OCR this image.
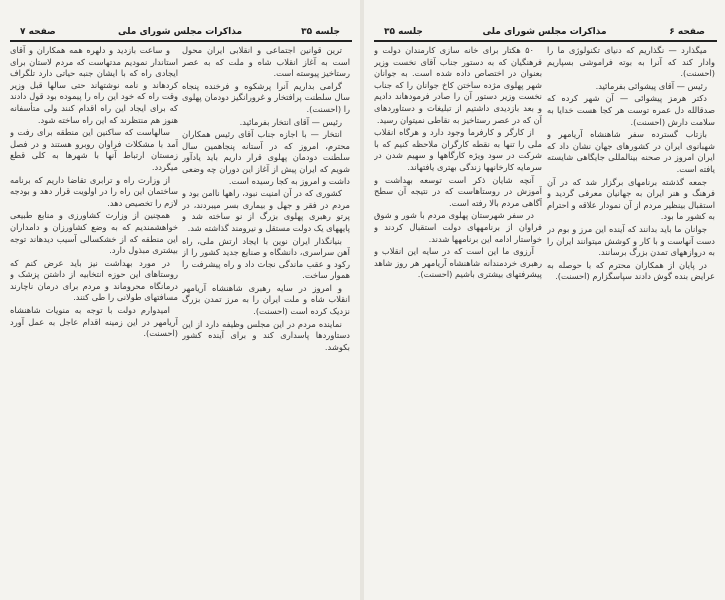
جلسه ۳۵
مذاکرات مجلس شورای ملی
صفحه ۷

ترین قوانین اجتماعی و انقلابی ایران محول است به آغاز انقلاب شاه و ملت که به عصر رستاخیز پیوسته است.

گرامی بداریم آنرا پرشکوه و فرخنده پنجاه سال سلطنت پرافتخار و غرورانگیز دودمان پهلوی را (احسنت).

رئیس — آقای انتخار بفرمائید.

انتخار — با اجازه جناب آقای رئیس همکاران محترم، امروز که در آستانه پنجاهمین سال سلطنت دودمان پهلوی قرار داریم باید یادآور شویم که ایران پیش از آغاز این دوران چه وضعی داشت و امروز به کجا رسیده است.

کشوری که در آن امنیت نبود، راهها ناامن بود و مردم در فقر و جهل و بیماری بسر میبردند، در پرتو رهبری پهلوی بزرگ از نو ساخته شد و پایههای یک دولت مستقل و نیرومند گذاشته شد.

بنیانگذار ایران نوین با ایجاد ارتش ملی، راه آهن سراسری، دانشگاه و صنایع جدید کشور را از رکود و عقب ماندگی نجات داد و راه پیشرفت را هموار ساخت.

و امروز در سایه رهبری شاهنشاه آریامهر انقلاب شاه و ملت ایران را به مرز تمدن بزرگ نزدیک کرده است (احسنت).

نماینده مردم در این مجلس وظیفه دارد از این دستاوردها پاسداری کند و برای آینده کشور بکوشد.

و ساعت بازدید و دلهره همه همکاران و آقای استاندار نمودیم مدتهاست که مردم لاستان برای ایجادی راه که با ایشان جنبه حیاتی دارد تلگراف کردهاند و نامه نوشتهاند حتی سالها قبل وزیر وقت راه که خود این راه را پیموده بود قول دادند که برای ایجاد این راه اقدام کنند ولی متأسفانه هنوز هم منتظرند که این راه ساخته شود.

سالهاست که ساکنین این منطقه برای رفت و آمد با مشکلات فراوان روبرو هستند و در فصل زمستان ارتباط آنها با شهرها به کلی قطع میگردد.

از وزارت راه و ترابری تقاضا داریم که برنامه ساختمان این راه را در اولویت قرار دهد و بودجه لازم را تخصیص دهد.

همچنین از وزارت کشاورزی و منابع طبیعی خواهشمندیم که به وضع کشاورزان و دامداران این منطقه که از خشکسالی آسیب دیدهاند توجه بیشتری مبذول دارد.

در مورد بهداشت نیز باید عرض کنم که روستاهای این حوزه انتخابیه از داشتن پزشک و درمانگاه محروماند و مردم برای درمان ناچارند مسافتهای طولانی را طی کنند.

امیدوارم دولت با توجه به منویات شاهنشاه آریامهر در این زمینه اقدام عاجل به عمل آورد (احسنت).

صفحه ۶
مذاکرات مجلس شورای ملی
جلسه ۳۵

میگذارد — نگذاریم که دنیای تکنولوژی ما را وادار کند که آنرا به بوته فراموشی بسپاریم (احسنت).

رئیس — آقای پیشوائی بفرمائید.

دکتر هرمز پیشوائی — آن شهر کرده که صدقالله دل عمره توست هر کجا هست خدایا به سلامت دارش (احسنت).

بازتاب گسترده سفر شاهنشاه آریامهر و شهبانوی ایران در کشورهای جهان نشان داد که ایران امروز در صحنه بینالمللی جایگاهی شایسته یافته است.

جمعه گذشته برنامهای برگزار شد که در آن فرهنگ و هنر ایران به جهانیان معرفی گردید و استقبال بینظیر مردم از آن نمودار علاقه و احترام به کشور ما بود.

جوانان ما باید بدانند که آینده این مرز و بوم در دست آنهاست و با کار و کوشش میتوانند ایران را به دروازههای تمدن بزرگ برسانند.

در پایان از همکاران محترم که با حوصله به عرایض بنده گوش دادند سپاسگزارم (احسنت).

۵۰ هکتار برای خانه سازی کارمندان دولت و فرهنگیان که به دستور جناب آقای نخست وزیر بعنوان در اختصاص داده شده است. به جوانان شهر پهلوی مژده ساختن کاخ جوانان را که جناب نخست وزیر دستور آن را صادر فرمودهاند دادیم و بعد بازدیدی داشتیم از تبلیغات و دستاوردهای آن که در عصر رستاخیز به نقاطی نمیتوان رسید.

از کارگر و کارفرما وجود دارد و هرگاه انقلاب ملی را تنها به نقطه کارگران ملاحظه کنیم که با شرکت در سود ویژه کارگاهها و سهیم شدن در سرمایه کارخانهها زندگی بهتری یافتهاند.

آنچه شایان ذکر است توسعه بهداشت و آموزش در روستاهاست که در نتیجه آن سطح آگاهی مردم بالا رفته است.

در سفر شهرستان پهلوی مردم با شور و شوق فراوان از برنامههای دولت استقبال کردند و خواستار ادامه این برنامهها شدند.

آرزوی ما این است که در سایه این انقلاب و رهبری خردمندانه شاهنشاه آریامهر هر روز شاهد پیشرفتهای بیشتری باشیم (احسنت).
